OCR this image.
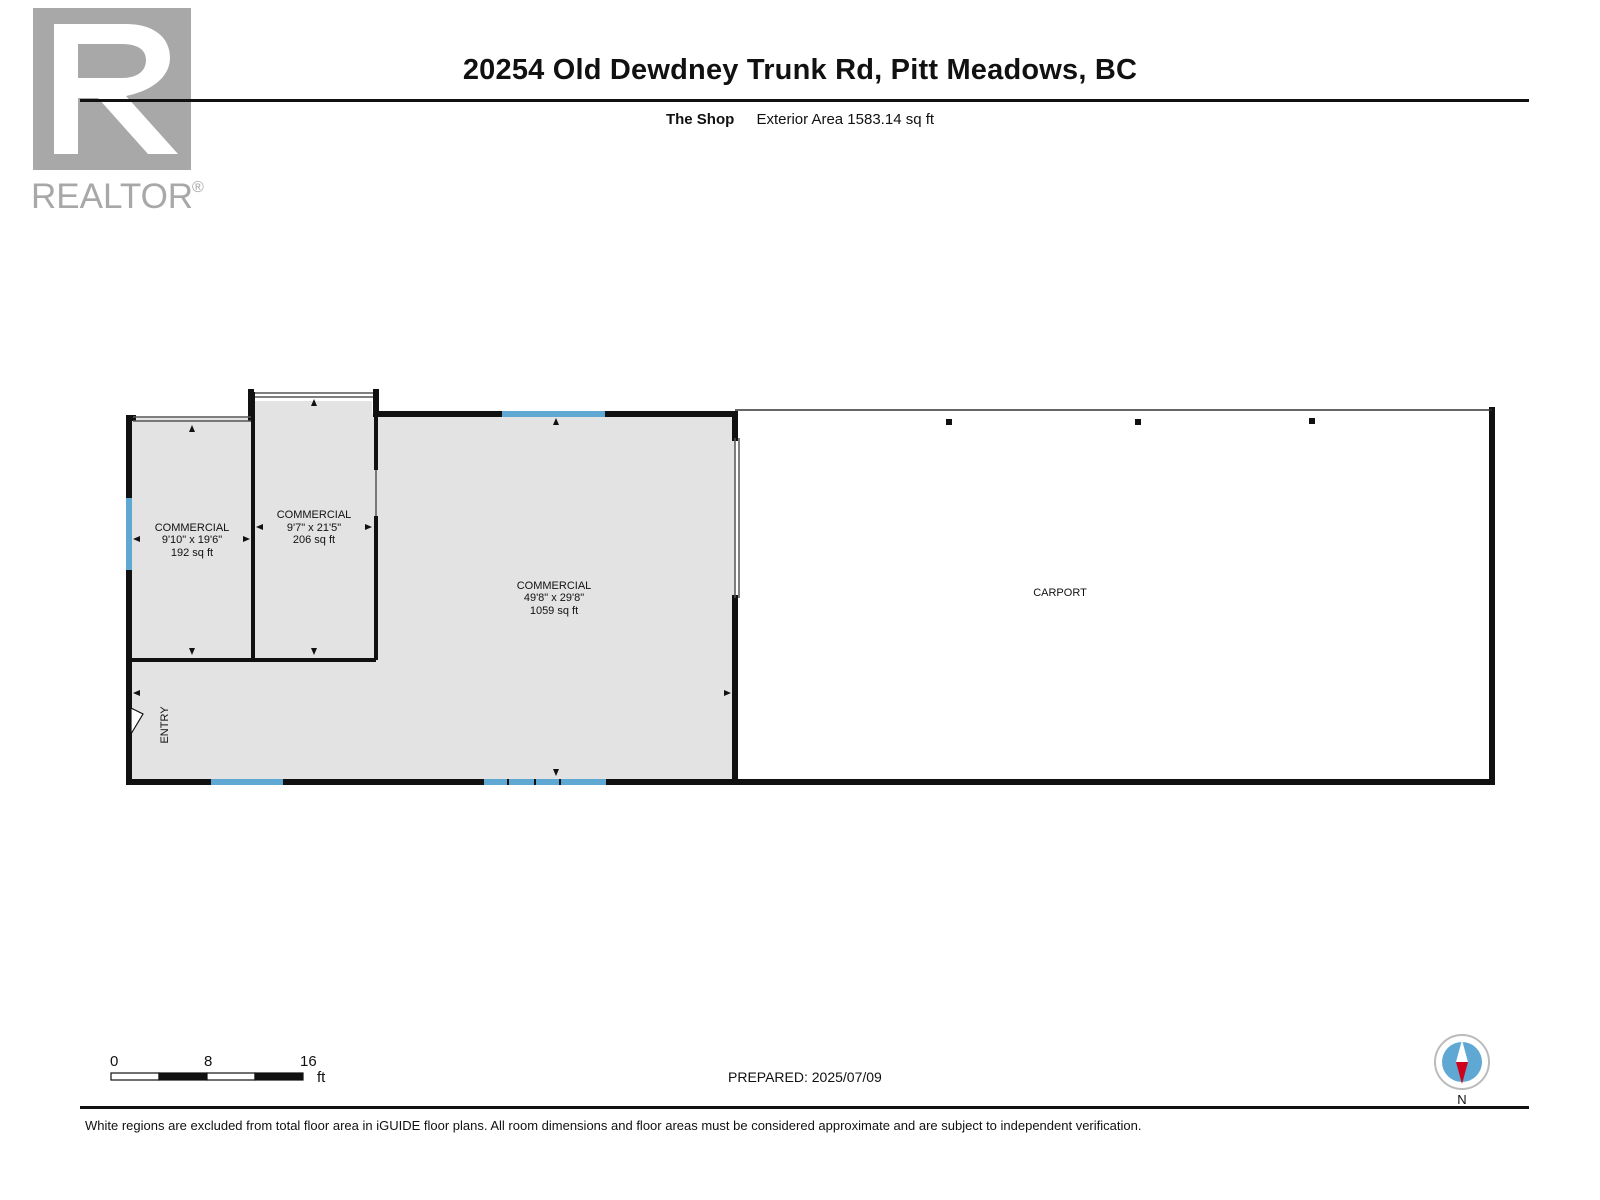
REALTOR
®
20254 Old Dewdney Trunk Rd, Pitt Meadows, BC
The Shop Exterior Area 1583.14 sq ft
COMMERCIAL
9'10" x 19'6"
192 sq ft
COMMERCIAL
9'7" x 21'5"
206 sq ft
COMMERCIAL
49'8" x 29'8"
1059 sq ft
CARPORT
ENTRY
0	8	16
ft	PREPARED: 2025/07/09
N
White regions are excluded from total floor area in iGUIDE floor plans. All room dimensions and floor areas must be considered approximate and are subject to independent verification.
